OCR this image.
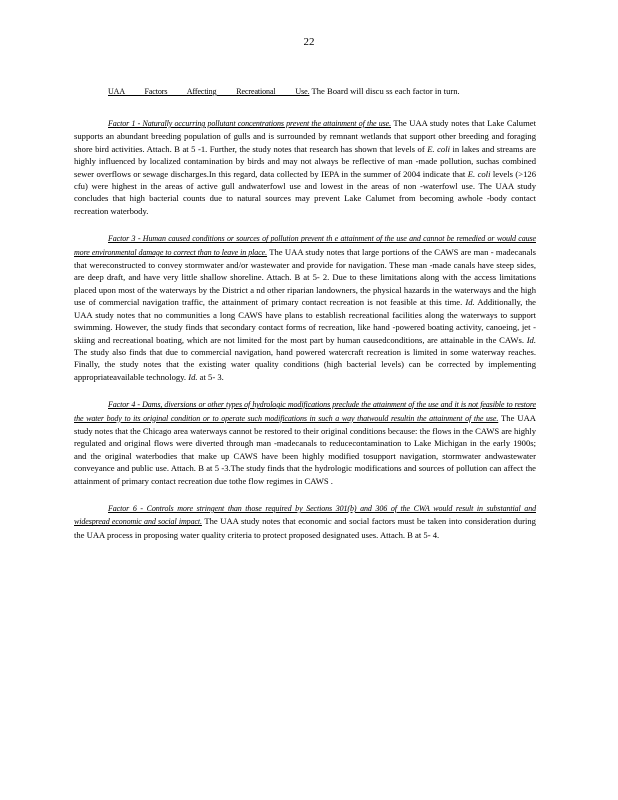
22

UAA Factors Affecting Recreational Use. The Board will discu ss each factor in turn.

Factor 1 - Naturally occurring pollutant concentrations prevent the attainment of the use. The UAA study notes that Lake Calumet supports an abundant breeding population of gulls and is surrounded by remnant wetlands that support other breeding and foraging shore bird activities. Attach. B at 5 -1. Further, the study notes that research has shown that levels of E. coli in lakes and streams are highly influenced by localized contamination by birds and may not always be reflective of man -made pollution, suchas combined sewer overflows or sewage discharges.In this regard, data collected by IEPA in the summer of 2004 indicate that E. coli levels (>126 cfu) were highest in the areas of active gull andwaterfowl use and lowest in the areas of non -waterfowl use. The UAA study concludes that high bacterial counts due to natural sources may prevent Lake Calumet from becoming awhole -body contact recreation waterbody.

Factor 3 - Human caused conditions or sources of pollution prevent th e attainment of the use and cannot be remedied or would cause more environmental damage to correct than to leave in place. The UAA study notes that large portions of the CAWS are man - madecanals that wereconstructed to convey stormwater and/or wastewater and provide for navigation. These man -made canals have steep sides, are deep draft, and have very little shallow shoreline. Attach. B at 5- 2. Due to these limitations along with the access limitations placed upon most of the waterways by the District a nd other riparian landowners, the physical hazards in the waterways and the high use of commercial navigation traffic, the attainment of primary contact recreation is not feasible at this time. Id. Additionally, the UAA study notes that no communities a long CAWS have plans to establish recreational facilities along the waterways to support swimming. However, the study finds that secondary contact forms of recreation, like hand -powered boating activity, canoeing, jet -skiing and recreational boating, which are not limited for the most part by human causedconditions, are attainable in the CAWs. Id. The study also finds that due to commercial navigation, hand powered watercraft recreation is limited in some waterway reaches. Finally, the study notes that the existing water quality conditions (high bacterial levels) can be corrected by implementing appropriateavailable technology. Id. at 5- 3.

Factor 4 - Dams, diversions or other types of hydrologic modifications preclude the attainment of the use and it is not feasible to restore the water body to its original condition or to operate such modifications in such a way thatwould resultin the attainment of the use. The UAA study notes that the Chicago area waterways cannot be restored to their original conditions because: the flows in the CAWS are highly regulated and original flows were diverted through man -madecanals to reducecontamination to Lake Michigan in the early 1900s; and the original waterbodies that make up CAWS have been highly modified tosupport navigation, stormwater andwastewater conveyance and public use. Attach. B at 5 -3.The study finds that the hydrologic modifications and sources of pollution can affect the attainment of primary contact recreation due tothe flow regimes in CAWS .

Factor 6 - Controls more stringent than those required by Sections 301(b) and 306 of the CWA would result in substantial and widespread economic and social impact. The UAA study notes that economic and social factors must be taken into consideration during the UAA process in proposing water quality criteria to protect proposed designated uses. Attach. B at 5- 4.
